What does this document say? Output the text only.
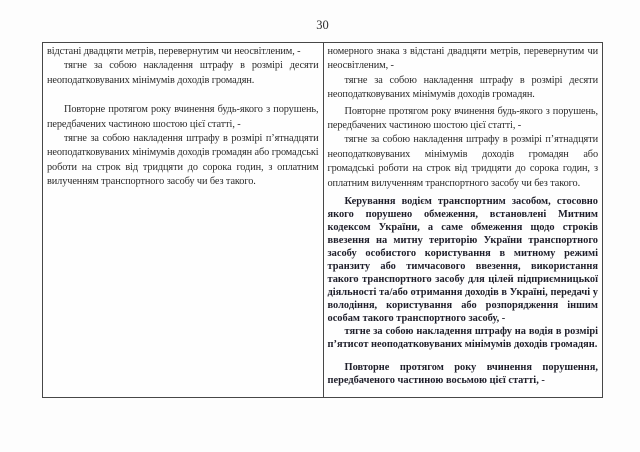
30

відстані двадцяти метрів, перевернутим чи неосвітленим, -

тягне за собою накладення штрафу в розмірі десяти неоподатковуваних мінімумів доходів громадян.

Повторне протягом року вчинення будь-якого з порушень, передбачених частиною шостою цієї статті, -

тягне за собою накладення штрафу в розмірі п’ятнадцяти неоподатковуваних мінімумів доходів громадян або громадські роботи на строк від тридцяти до сорока годин, з оплатним вилученням транспортного засобу чи без такого.

номерного знака з відстані двадцяти метрів, перевернутим чи неосвітленим, -

тягне за собою накладення штрафу в розмірі десяти неоподатковуваних мінімумів доходів громадян.

Повторне протягом року вчинення будь-якого з порушень, передбачених частиною шостою цієї статті, -

тягне за собою накладення штрафу в розмірі п’ятнадцяти неоподатковуваних мінімумів доходів громадян або громадські роботи на строк від тридцяти до сорока годин, з оплатним вилученням транспортного засобу чи без такого.

Керування водієм транспортним засобом, стосовно якого порушено обмеження, встановлені Митним кодексом України, а саме обмеження щодо строків ввезення на митну територію України транспортного засобу особистого користування в митному режимі транзиту або тимчасового ввезення, використання такого транспортного засобу для цілей підприємницької діяльності та/або отримання доходів в Україні, передачі у володіння, користування або розпорядження іншим особам такого транспортного засобу, -

тягне за собою накладення штрафу на водія в розмірі п’ятисот неоподатковуваних мінімумів доходів громадян.

Повторне протягом року вчинення порушення, передбаченого частиною восьмою цієї статті, -
